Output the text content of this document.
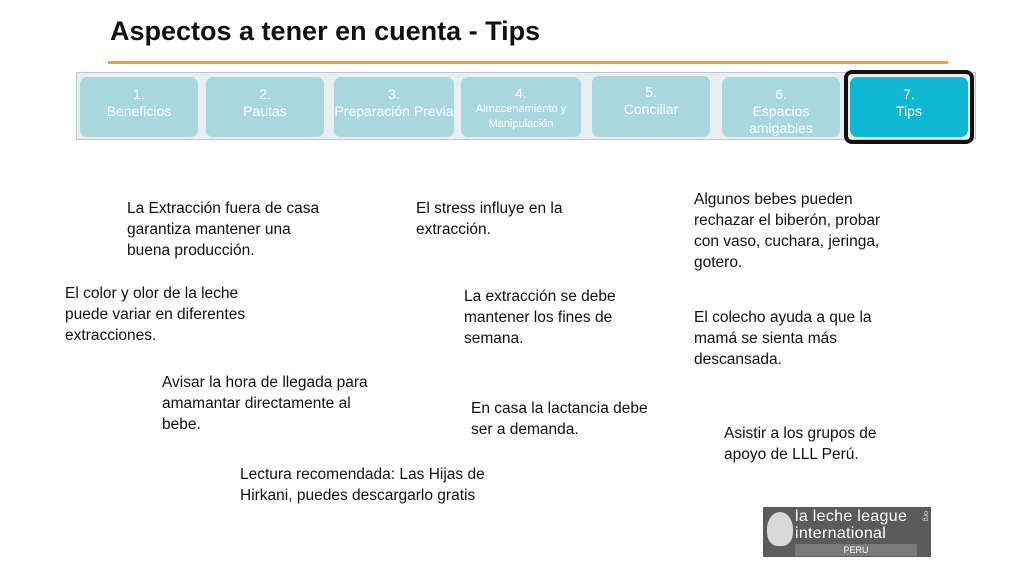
Aspectos a tener en cuenta - Tips
1.
Beneficios
2.
Pautas
3.
Preparación Previa
4.
Almacenamiento y Manipulación
5.
Conciliar
6.
Espacios amigables
7.
Tips
La Extracción fuera de casa garantiza mantener una buena producción.
El stress influye en la extracción.
Algunos bebes pueden rechazar el biberón, probar con vaso, cuchara, jeringa, gotero.
El color y olor de la leche puede variar en diferentes extracciones.
La extracción se debe mantener los fines de semana.
El colecho ayuda a que la mamá se sienta más descansada.
Avisar la hora de llegada para amamantar directamente al bebe.
En casa la lactancia debe ser a demanda.	Asistir a los grupos de apoyo de LLL Perú.
Lectura recomendada: Las Hijas de Hirkani, puedes descargarlo gratis
la leche league
international
PERU
org
